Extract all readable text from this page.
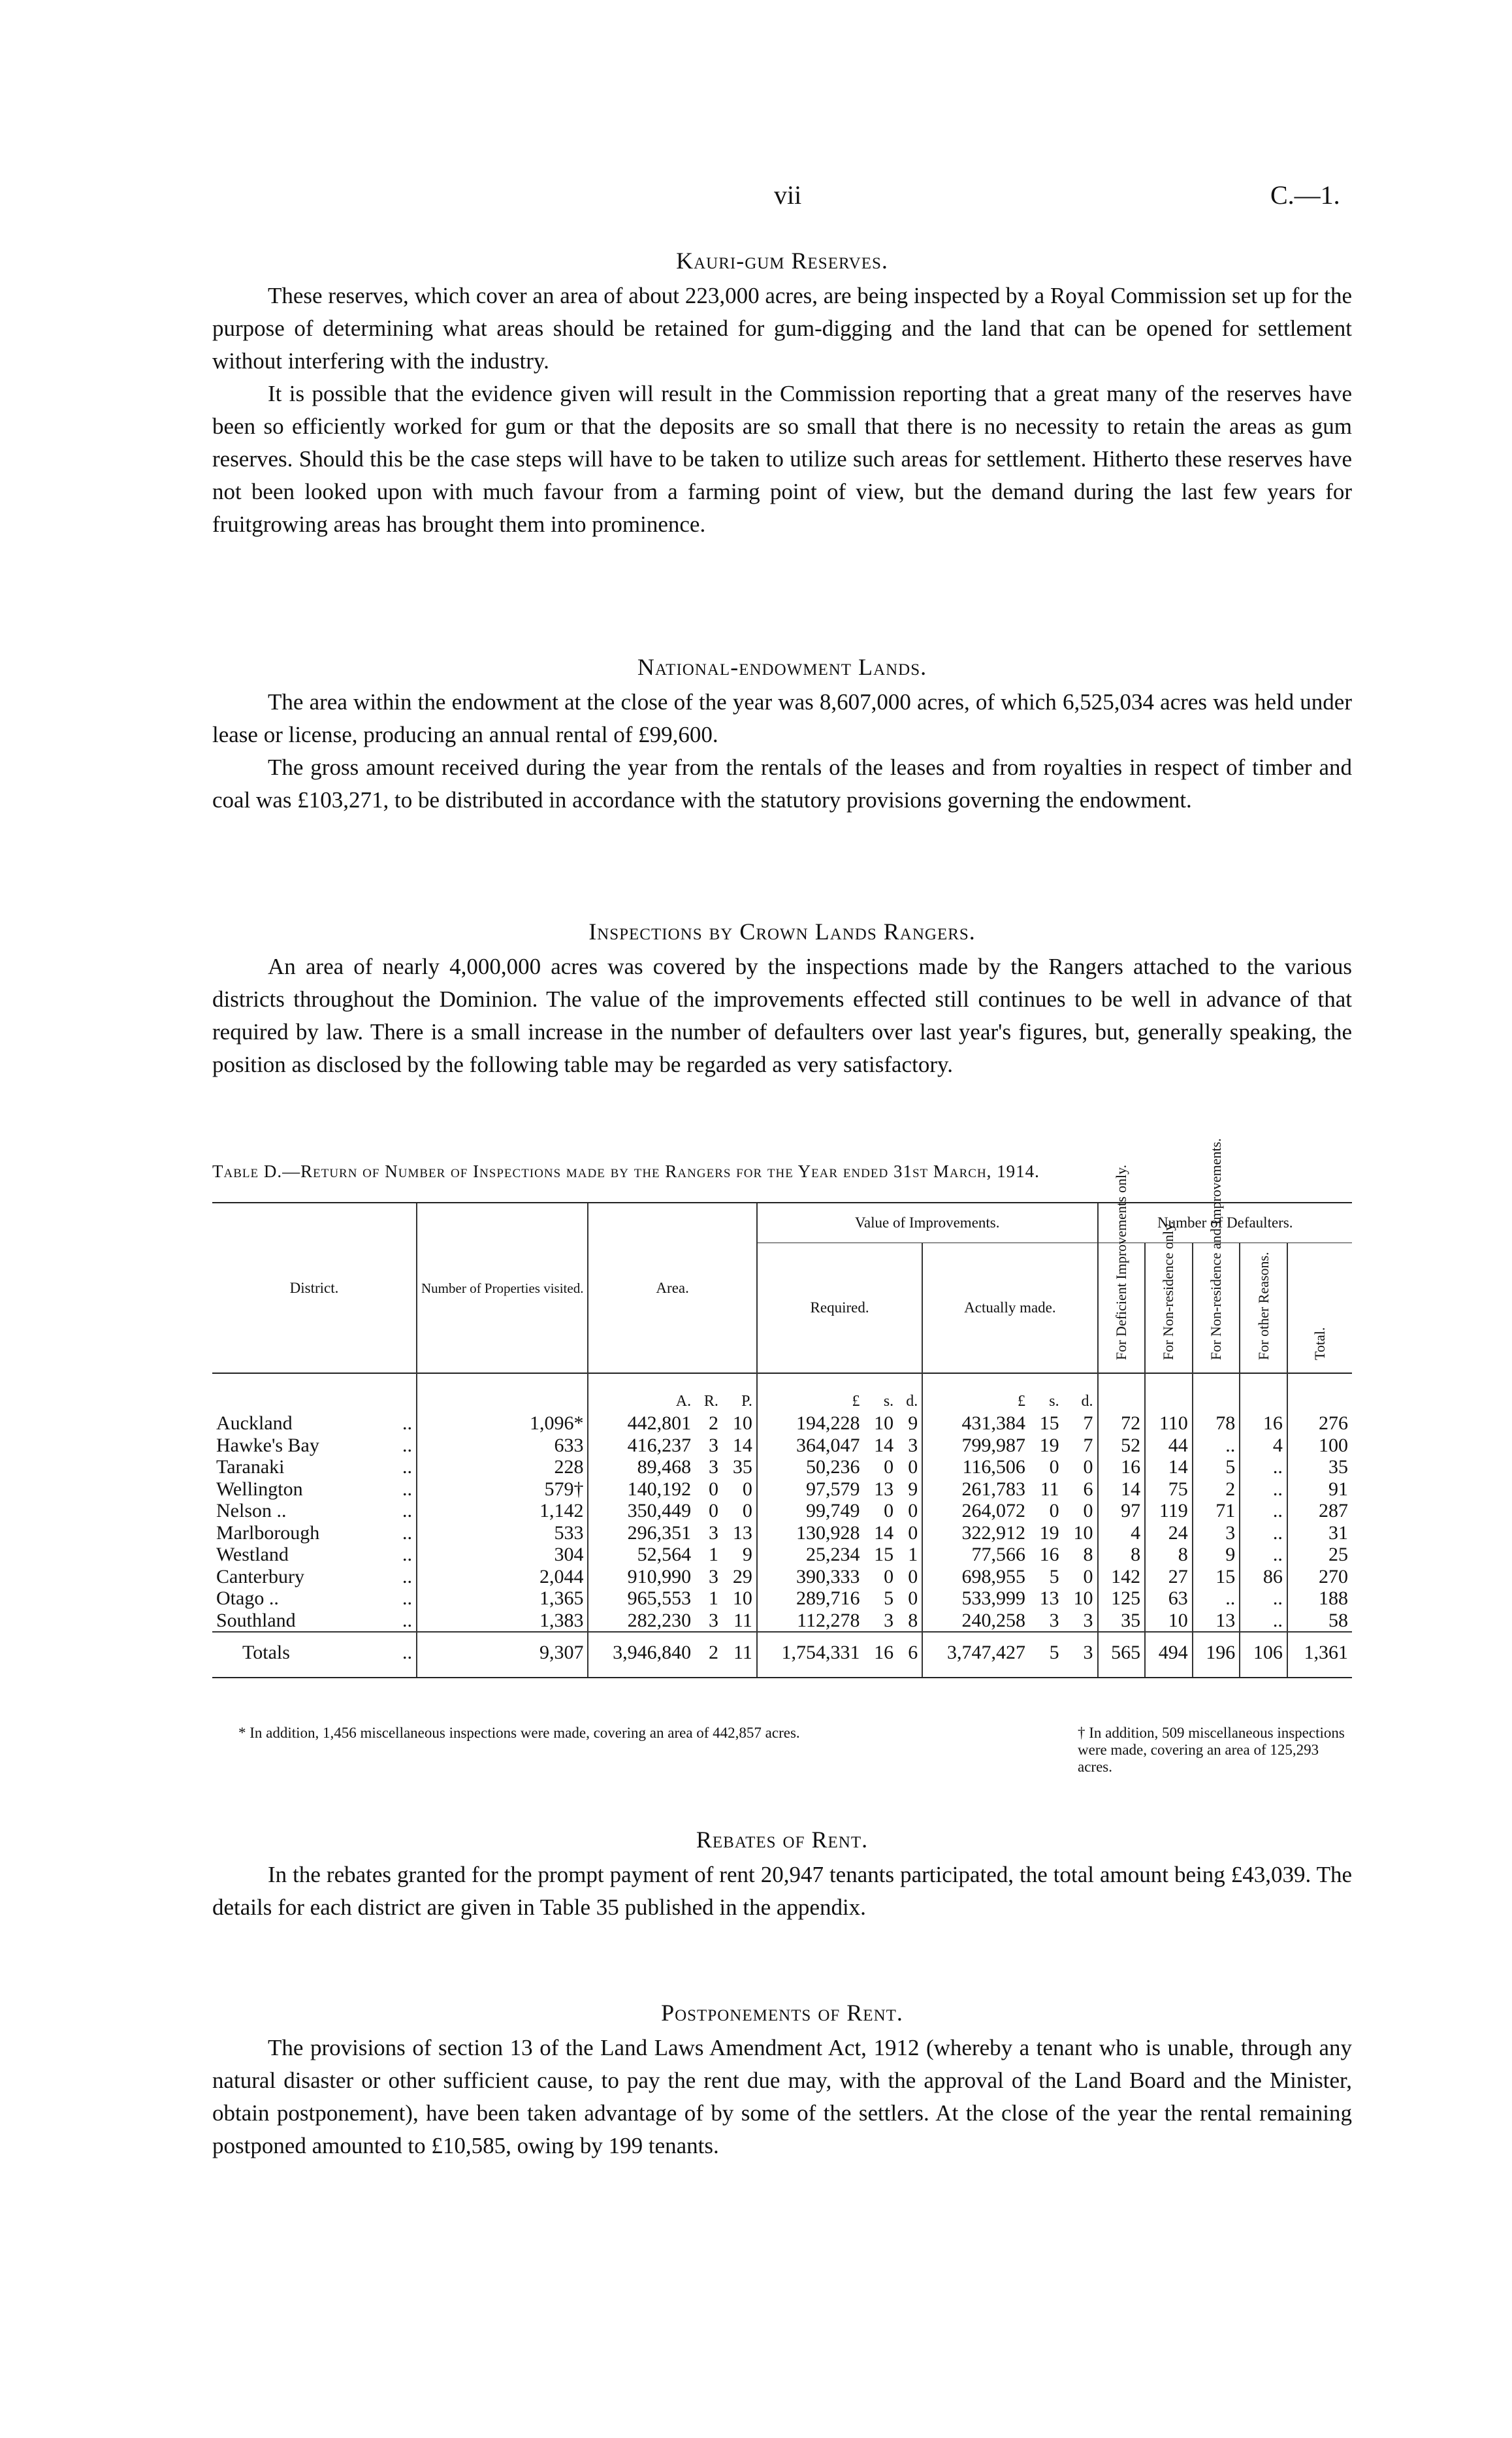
vii	C.—1.
Kauri-gum Reserves.

These reserves, which cover an area of about 223,000 acres, are being inspected by a Royal Commission set up for the purpose of determining what areas should be retained for gum-digging and the land that can be opened for settlement without interfering with the industry.

It is possible that the evidence given will result in the Commission reporting that a great many of the reserves have been so efficiently worked for gum or that the deposits are so small that there is no necessity to retain the areas as gum reserves. Should this be the case steps will have to be taken to utilize such areas for settlement. Hitherto these reserves have not been looked upon with much favour from a farming point of view, but the demand during the last few years for fruitgrowing areas has brought them into prominence.

National-endowment Lands.

The area within the endowment at the close of the year was 8,607,000 acres, of which 6,525,034 acres was held under lease or license, producing an annual rental of £99,600.

The gross amount received during the year from the rentals of the leases and from royalties in respect of timber and coal was £103,271, to be distributed in accordance with the statutory provisions governing the endowment.

Inspections by Crown Lands Rangers.

An area of nearly 4,000,000 acres was covered by the inspections made by the Rangers attached to the various districts throughout the Dominion. The value of the improvements effected still continues to be well in advance of that required by law. There is a small increase in the number of defaulters over last year's figures, but, generally speaking, the position as disclosed by the following table may be regarded as very satisfactory.

Table D.—Return of Number of Inspections made by the Rangers for the Year ended 31st March, 1914.
District.	Number of Properties visited.	Area.			Value of Improvements.						Number of Defaulters.				
					Required.			Actually made.			For Deficient Improvements only.	For Non-residence only.	For Non-residence and Improvements.	For other Reasons.	Total.
		A.	R.	P.	£	s.	d.	£	s.	d.					
Auckland ..	1,096*	442,801	2	10	194,228	10	9	431,384	15	7	72	110	78	16	276
Hawke's Bay ..	633	416,237	3	14	364,047	14	3	799,987	19	7	52	44	..	4	100
Taranaki ..	228	89,468	3	35	50,236	0	0	116,506	0	0	16	14	5	..	35
Wellington ..	579†	140,192	0	0	97,579	13	9	261,783	11	6	14	75	2	..	91
Nelson .. ..	1,142	350,449	0	0	99,749	0	0	264,072	0	0	97	119	71	..	287
Marlborough ..	533	296,351	3	13	130,928	14	0	322,912	19	10	4	24	3	..	31
Westland ..	304	52,564	1	9	25,234	15	1	77,566	16	8	8	8	9	..	25
Canterbury ..	2,044	910,990	3	29	390,333	0	0	698,955	5	0	142	27	15	86	270
Otago .. ..	1,365	965,553	1	10	289,716	5	0	533,999	13	10	125	63	..	..	188
Southland ..	1,383	282,230	3	11	112,278	3	8	240,258	3	3	35	10	13	..	58
Totals ..	9,307	3,946,840	2	11	1,754,331	16	6	3,747,427	5	3	565	494	196	106	1,361
* In addition, 1,456 miscellaneous inspections were made, covering an area of 442,857 acres.	† In addition, 509 miscellaneous inspections were made, covering an area of 125,293 acres.
Rebates of Rent.

In the rebates granted for the prompt payment of rent 20,947 tenants participated, the total amount being £43,039. The details for each district are given in Table 35 published in the appendix.

Postponements of Rent.

The provisions of section 13 of the Land Laws Amendment Act, 1912 (whereby a tenant who is unable, through any natural disaster or other sufficient cause, to pay the rent due may, with the approval of the Land Board and the Minister, obtain postponement), have been taken advantage of by some of the settlers. At the close of the year the rental remaining postponed amounted to £10,585, owing by 199 tenants.
